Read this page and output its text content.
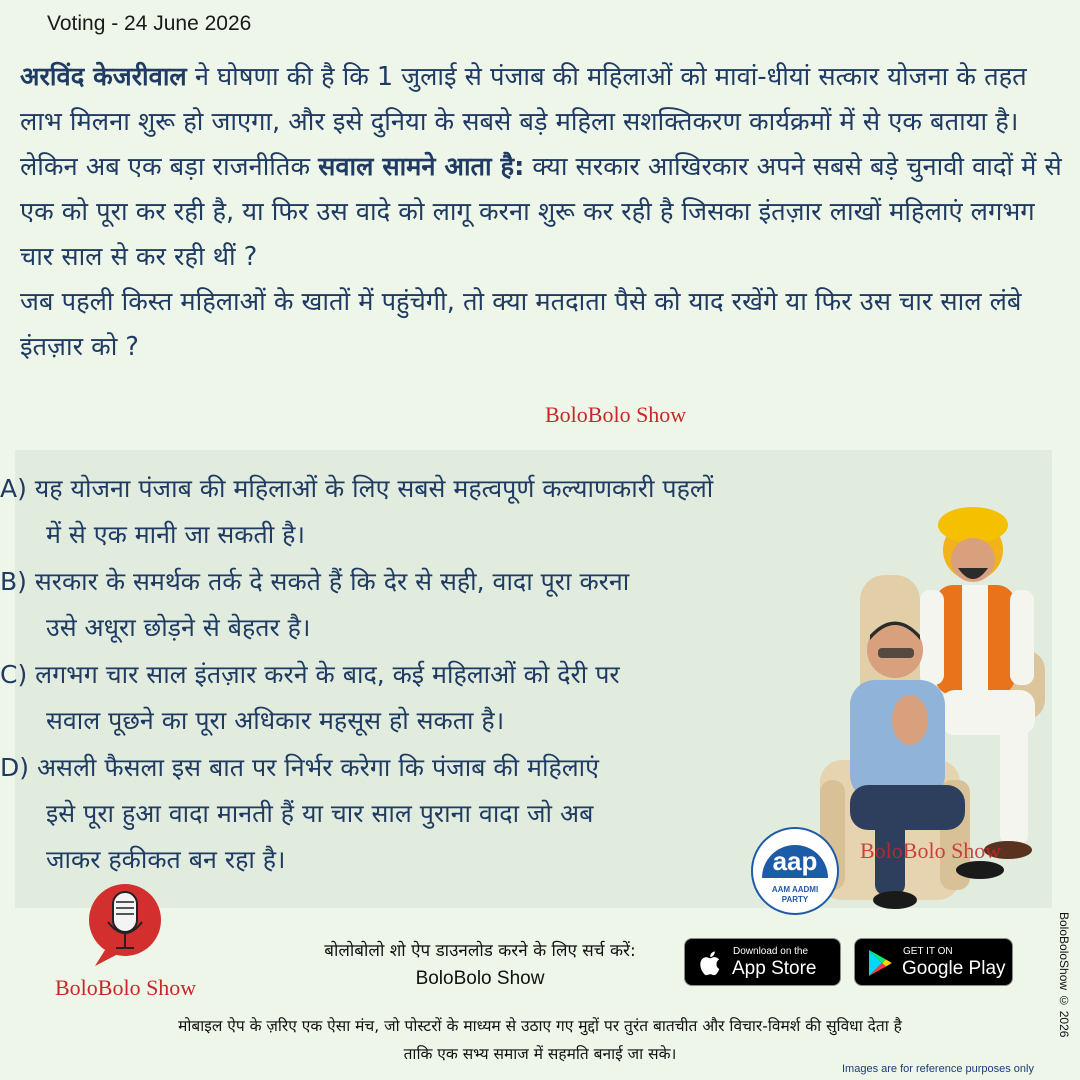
Voting - 24 June 2026
अरविंद केजरीवाल ने घोषणा की है कि 1 जुलाई से पंजाब की महिलाओं को मावां-धीयां सत्कार योजना के तहत लाभ मिलना शुरू हो जाएगा, और इसे दुनिया के सबसे बड़े महिला सशक्तिकरण कार्यक्रमों में से एक बताया है।
लेकिन अब एक बड़ा राजनीतिक सवाल सामने आता है: क्या सरकार आखिरकार अपने सबसे बड़े चुनावी वादों में से एक को पूरा कर रही है, या फिर उस वादे को लागू करना शुरू कर रही है जिसका इंतज़ार लाखों महिलाएं लगभग चार साल से कर रही थीं ?
जब पहली किस्त महिलाओं के खातों में पहुंचेगी, तो क्या मतदाता पैसे को याद रखेंगे या फिर उस चार साल लंबे इंतज़ार को ?
BoloBolo Show
A) यह योजना पंजाब की महिलाओं के लिए सबसे महत्वपूर्ण कल्याणकारी पहलों
में से एक मानी जा सकती है।
B) सरकार के समर्थक तर्क दे सकते हैं कि देर से सही, वादा पूरा करना
उसे अधूरा छोड़ने से बेहतर है।
C) लगभग चार साल इंतज़ार करने के बाद, कई महिलाओं को देरी पर
सवाल पूछने का पूरा अधिकार महसूस हो सकता है।
D) असली फैसला इस बात पर निर्भर करेगा कि पंजाब की महिलाएं
इसे पूरा हुआ वादा मानती हैं या चार साल पुराना वादा जो अब
जाकर हकीकत बन रहा है।	aap
AAM AADMI
PARTY
BoloBolo Show
BoloBolo Show
बोलोबोलो शो ऐप डाउनलोड करने के लिए सर्च करें:
BoloBolo Show
Download on the
App Store
GET IT ON
Google Play
मोबाइल ऐप के ज़रिए एक ऐसा मंच, जो पोस्टरों के माध्यम से उठाए गए मुद्दों पर तुरंत बातचीत और विचार-विमर्श की सुविधा देता है
ताकि एक सभ्य समाज में सहमति बनाई जा सके।
Images are for reference purposes only
BoloBoloShow © 2026
